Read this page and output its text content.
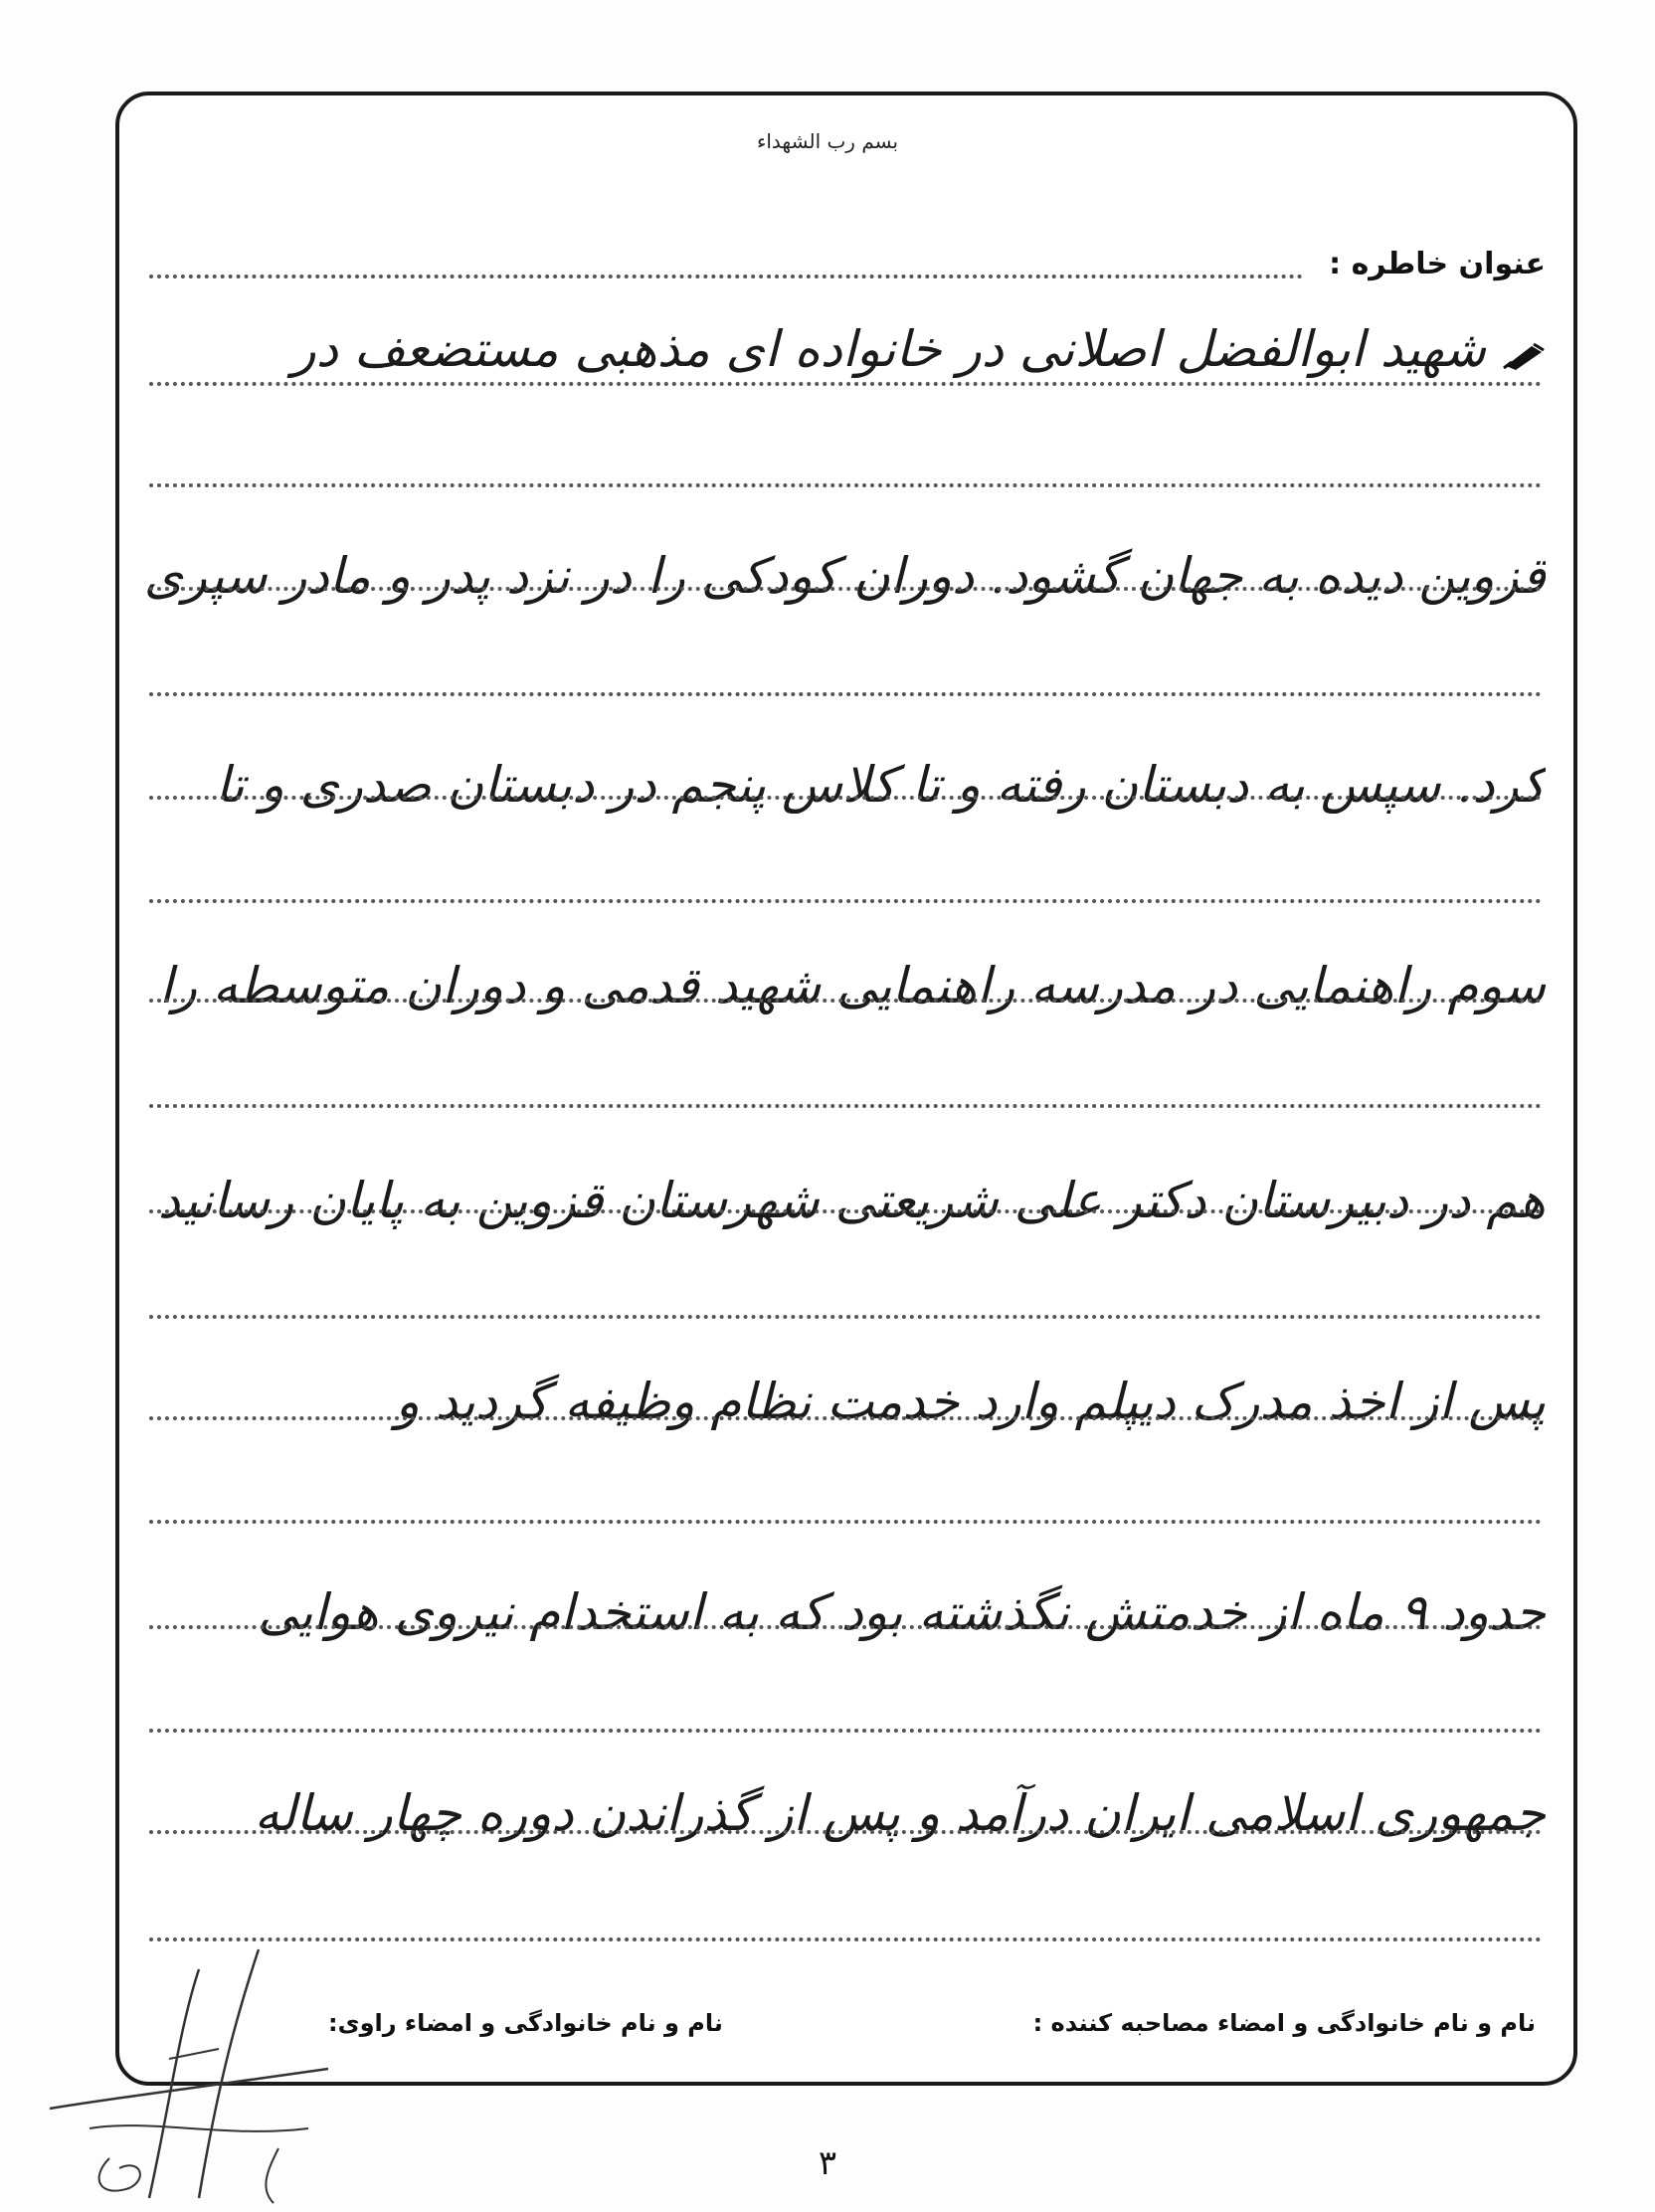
بسم رب الشهداء
عنوان خاطره :
شهید ابوالفضل اصلانی در خانواده ای مذهبی مستضعف در
قزوین دیده به جهان گشود. دوران کودکی را در نزد پدر و مادر سپری
کرد. سپس به دبستان رفته و تا کلاس پنجم در دبستان صدری و تا
سوم راهنمایی در مدرسه راهنمایی شهید قدمی و دوران متوسطه را
هم در دبیرستان دکتر علی شریعتی شهرستان قزوین به پایان رسانید
پس از اخذ مدرک دیپلم وارد خدمت نظام وظیفه گردید و
حدود ۹ ماه از خدمتش نگذشته بود که به استخدام نیروی هوایی
جمهوری اسلامی ایران درآمد و پس از گذراندن دوره چهار ساله
نام و نام خانوادگی و امضاء مصاحبه کننده :
نام و نام خانوادگی و امضاء راوی:
۳
